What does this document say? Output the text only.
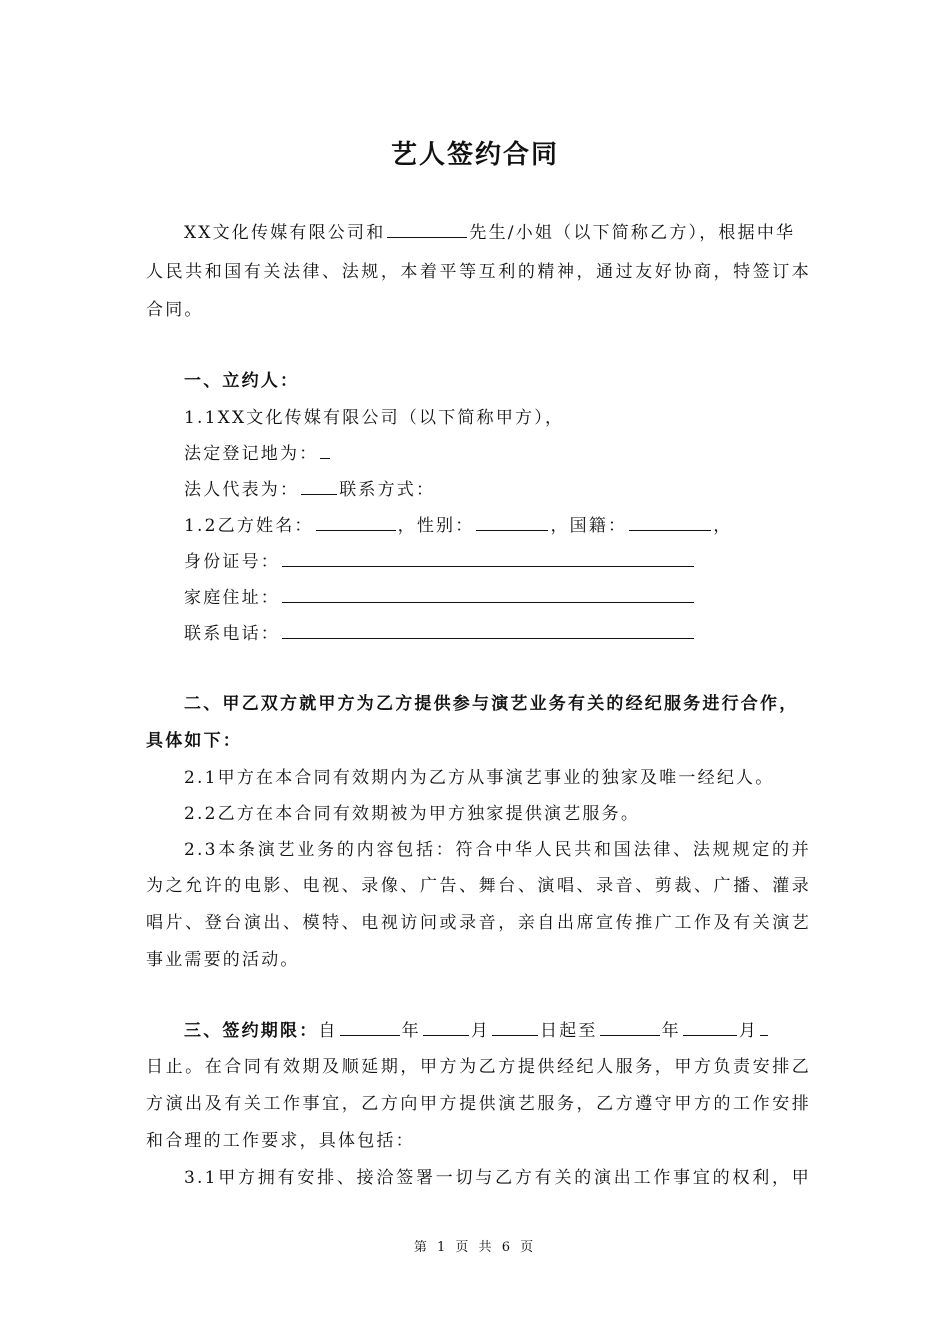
艺人签约合同
XX文化传媒有限公司和	先生/小姐（以下简称乙方），根据中华
人民共和国有关法律、法规，本着平等互利的精神，通过友好协商，特签订本
合同。
一、立约人：
1.1XX文化传媒有限公司（以下简称甲方），
法定登记地为：
法人代表为： 联系方式：
1.2乙方姓名：	，性别：	，国籍：	，
身份证号：
家庭住址：
联系电话：
二、甲乙双方就甲方为乙方提供参与演艺业务有关的经纪服务进行合作，
具体如下：
2.1甲方在本合同有效期内为乙方从事演艺事业的独家及唯一经纪人。
2.2乙方在本合同有效期被为甲方独家提供演艺服务。
2.3本条演艺业务的内容包括：符合中华人民共和国法律、法规规定的并
为之允许的电影、电视、录像、广告、舞台、演唱、录音、剪裁、广播、灌录
唱片、登台演出、模特、电视访问或录音，亲自出席宣传推广工作及有关演艺
事业需要的活动。
三、签约期限：自	年	月	日起至	年	月
日止。在合同有效期及顺延期，甲方为乙方提供经纪人服务，甲方负责安排乙
方演出及有关工作事宜，乙方向甲方提供演艺服务，乙方遵守甲方的工作安排
和合理的工作要求，具体包括：
3.1甲方拥有安排、接洽签署一切与乙方有关的演出工作事宜的权利，甲
第 1 页 共 6 页
